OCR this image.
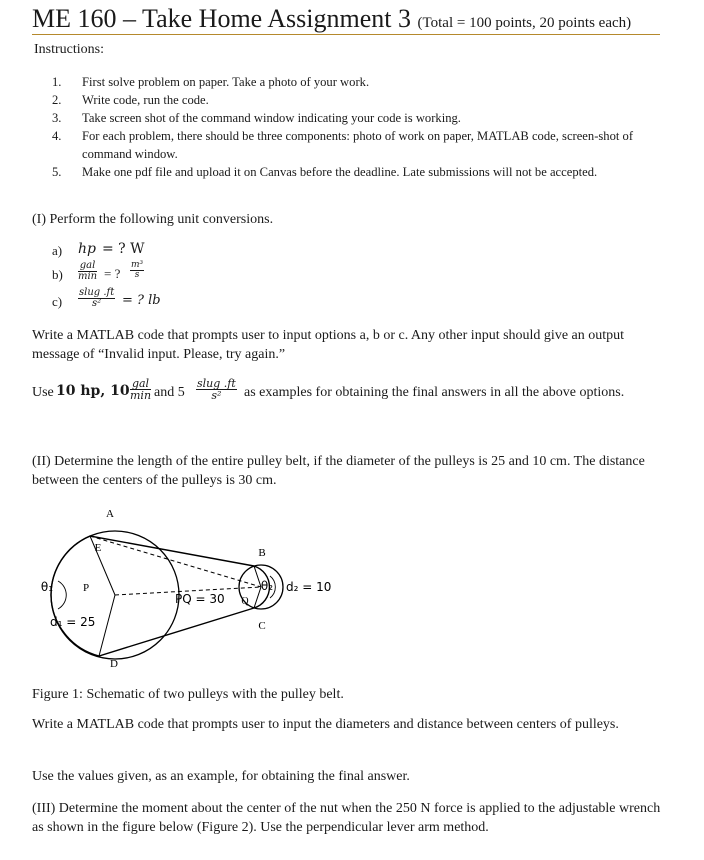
ME 160 – Take Home Assignment 3 (Total = 100 points, 20 points each)
Instructions:
1.	First solve problem on paper. Take a photo of your work.
2.	Write code, run the code.
3.	Take screen shot of the command window indicating your code is working.
4.	For each problem, there should be three components: photo of work on paper, MATLAB code, screen-shot of command window.
5.	Make one pdf file and upload it on Canvas before the deadline. Late submissions will not be accepted.
(I) Perform the following unit conversions.
a) hp = ? W
b)
gal
min = ? $\frac{\text{m³}}{s}$
c)
slug .ft
s²	= ? lb
Write a MATLAB code that prompts user to input options a, b or c. Any other input should give an output message of “Invalid input. Please, try again.”
Use 10 hp, 10 gal
min and 5
slug .ft
s²	as examples for obtaining the final answers in all the above options.
(II) Determine the length of the entire pulley belt, if the diameter of the pulleys is 25 and 10 cm. The distance between the centers of the pulleys is 30 cm.
A
E	B
C
D
P
Q
θ₁	θ₂
d₁ = 25
d₂ = 10
PQ = 30
Figure 1: Schematic of two pulleys with the pulley belt.
Write a MATLAB code that prompts user to input the diameters and distance between centers of pulleys.
Use the values given, as an example, for obtaining the final answer.
(III) Determine the moment about the center of the nut when the 250 N force is applied to the adjustable wrench as shown in the figure below (Figure 2). Use the perpendicular lever arm method.
